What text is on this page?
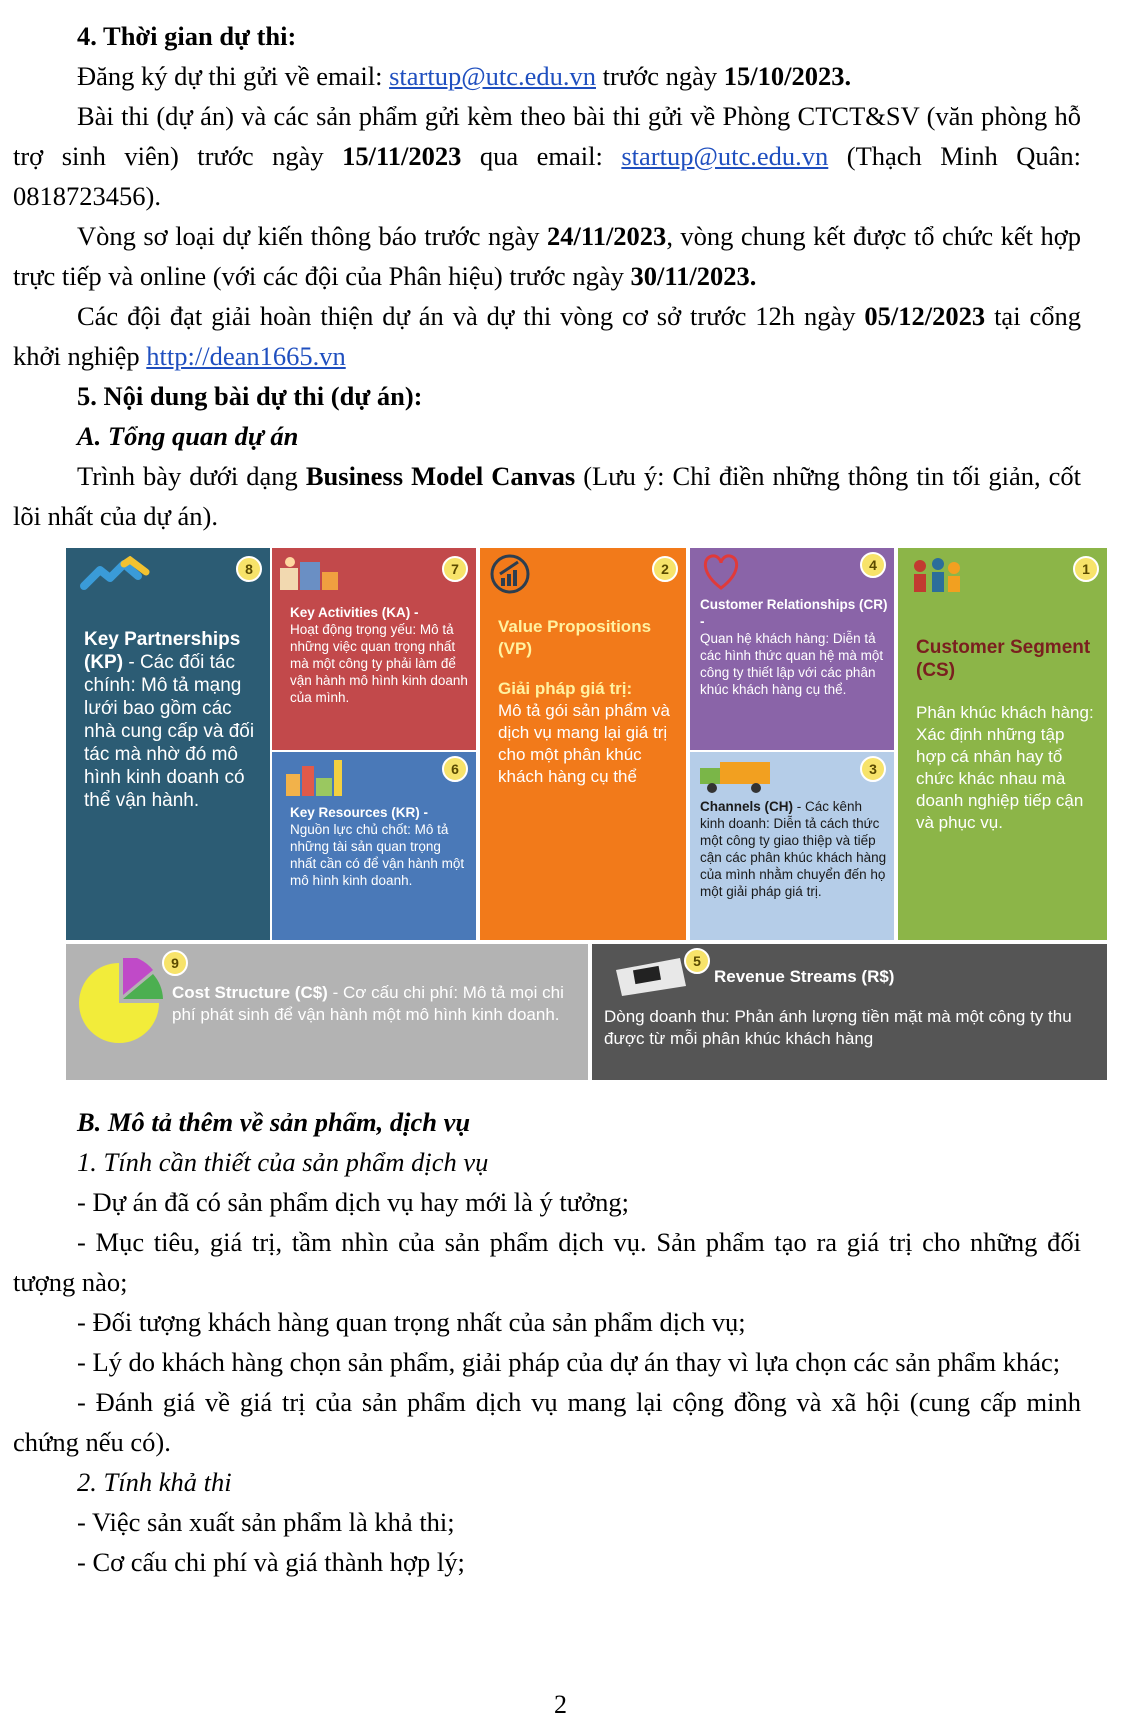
4. Thời gian dự thi:

Đăng ký dự thi gửi về email: startup@utc.edu.vn trước ngày 15/10/2023.

Bài thi (dự án) và các sản phẩm gửi kèm theo bài thi gửi về Phòng CTCT&SV (văn phòng hỗ trợ sinh viên) trước ngày 15/11/2023 qua email: startup@utc.edu.vn (Thạch Minh Quân: 0818723456).

Vòng sơ loại dự kiến thông báo trước ngày 24/11/2023, vòng chung kết được tổ chức kết hợp trực tiếp và online (với các đội của Phân hiệu) trước ngày 30/11/2023.

Các đội đạt giải hoàn thiện dự án và dự thi vòng cơ sở trước 12h ngày 05/12/2023 tại cổng khởi nghiệp http://dean1665.vn

5. Nội dung bài dự thi (dự án):

A. Tổng quan dự án

Trình bày dưới dạng Business Model Canvas (Lưu ý: Chỉ điền những thông tin tối giản, cốt lõi nhất của dự án).

8
Key Partnerships (KP) - Các đối tác chính: Mô tả mạng lưới bao gồm các nhà cung cấp và đối tác mà nhờ đó mô hình kinh doanh có thể vận hành.
7
Key Activities (KA) -
Hoạt động trọng yếu: Mô tả những việc quan trọng nhất mà một công ty phải làm để vận hành mô hình kinh doanh của mình.
6
Key Resources (KR) -
Nguồn lực chủ chốt: Mô tả những tài sản quan trọng nhất cần có để vận hành một mô hình kinh doanh.
2
Value Propositions (VP)
Giải pháp giá trị:
Mô tả gói sản phẩm và dịch vụ mang lại giá trị cho một phân khúc khách hàng cụ thể
4
Customer Relationships (CR) -
Quan hệ khách hàng: Diễn tả các hình thức quan hệ mà một công ty thiết lập với các phân khúc khách hàng cụ thể.
3
Channels (CH) - Các kênh kinh doanh: Diễn tả cách thức một công ty giao thiệp và tiếp cận các phân khúc khách hàng của mình nhằm chuyển đến họ một giải pháp giá trị.
1
Customer Segment (CS)
Phân khúc khách hàng: Xác định những tập hợp cá nhân hay tổ chức khác nhau mà doanh nghiệp tiếp cận và phục vụ.
9
Cost Structure (C$) - Cơ cấu chi phí: Mô tả mọi chi phí phát sinh để vận hành một mô hình kinh doanh.
5
Revenue Streams (R$)
Dòng doanh thu: Phản ánh lượng tiền mặt mà một công ty thu được từ mỗi phân khúc khách hàng

B. Mô tả thêm về sản phẩm, dịch vụ

1. Tính cần thiết của sản phẩm dịch vụ

- Dự án đã có sản phẩm dịch vụ hay mới là ý tưởng;

- Mục tiêu, giá trị, tầm nhìn của sản phẩm dịch vụ. Sản phẩm tạo ra giá trị cho những đối tượng nào;

- Đối tượng khách hàng quan trọng nhất của sản phẩm dịch vụ;

- Lý do khách hàng chọn sản phẩm, giải pháp của dự án thay vì lựa chọn các sản phẩm khác;

- Đánh giá về giá trị của sản phẩm dịch vụ mang lại cộng đồng và xã hội (cung cấp minh chứng nếu có).

2. Tính khả thi

- Việc sản xuất sản phẩm là khả thi;

- Cơ cấu chi phí và giá thành hợp lý;

2
